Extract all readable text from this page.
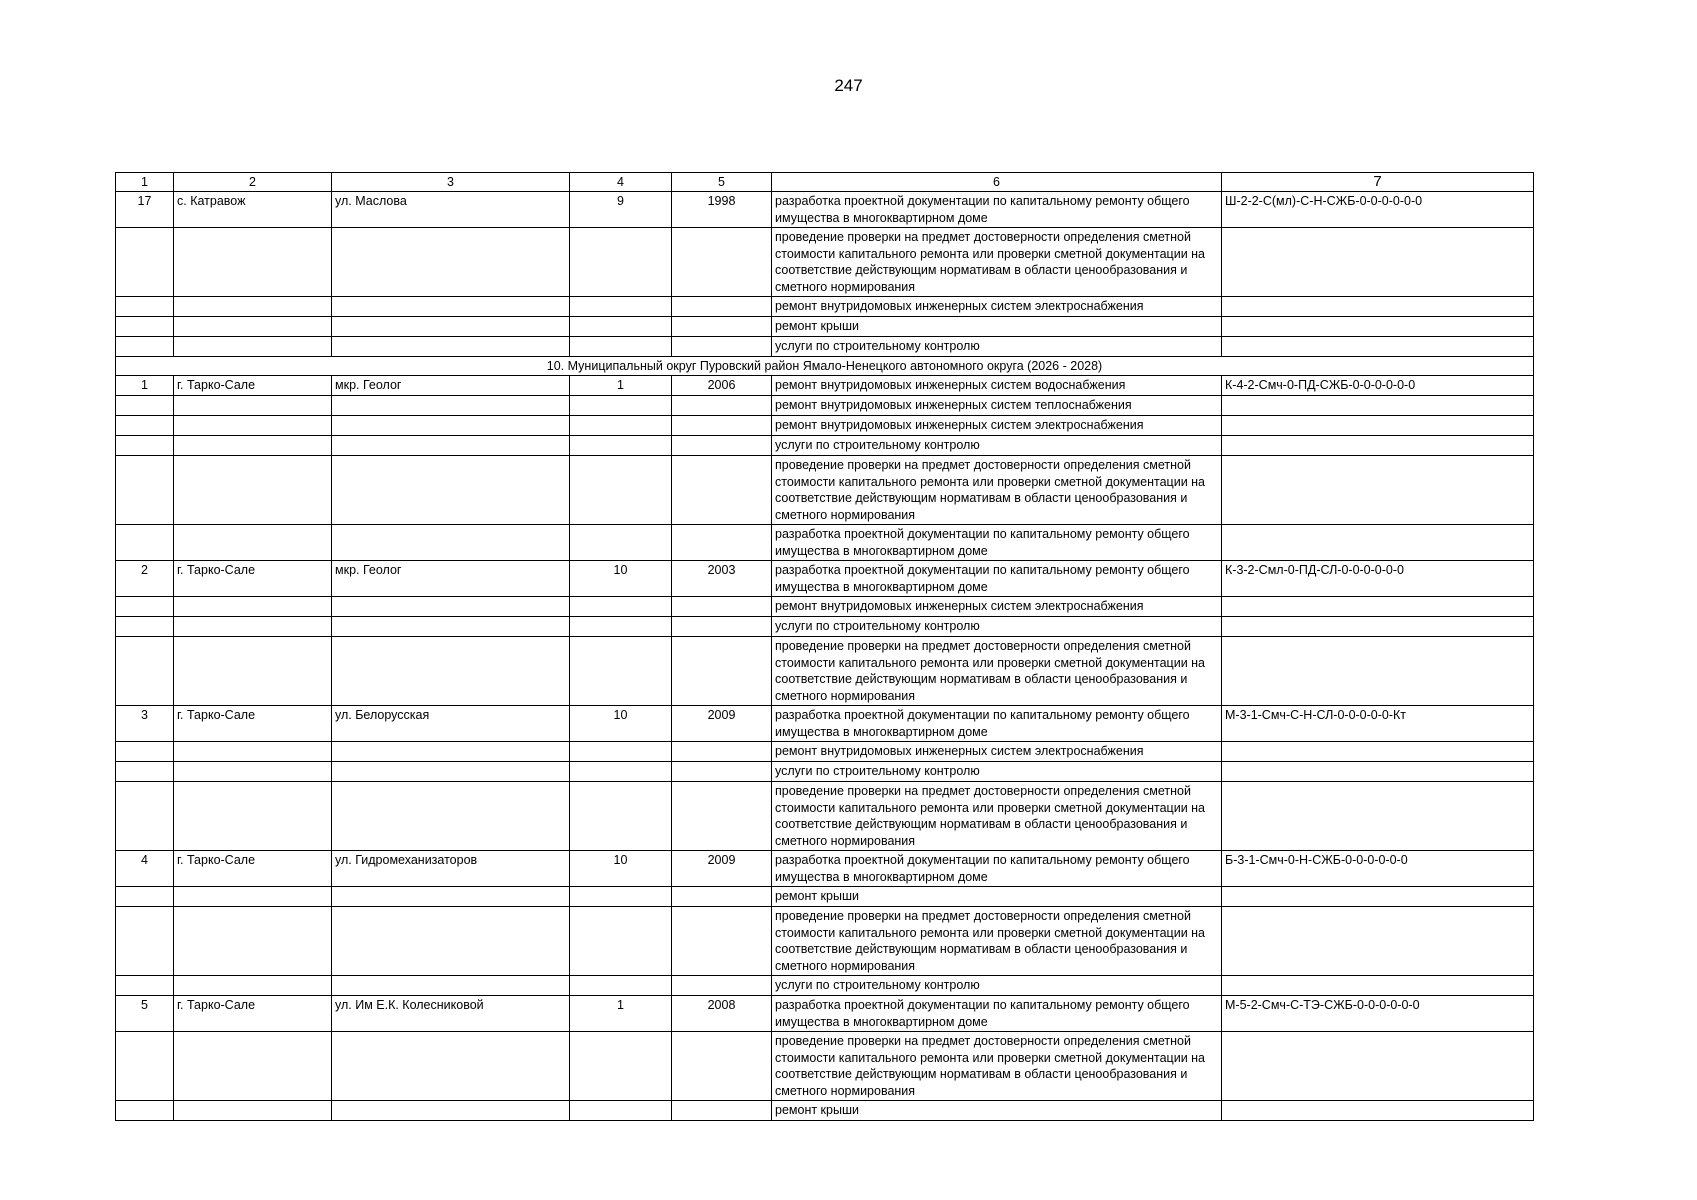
247
1	2	3	4	5	6	7
17	с. Катравож	ул. Маслова	9	1998	разработка проектной документации по капитальному ремонту общего имущества в многоквартирном доме	Ш-2-2-С(мл)-С-Н-СЖБ-0-0-0-0-0-0
					проведение проверки на предмет достоверности определения сметной стоимости капитального ремонта или проверки сметной документации на соответствие действующим нормативам в области ценообразования и сметного нормирования	
					ремонт внутридомовых инженерных систем электроснабжения	
					ремонт крыши	
					услуги по строительному контролю	
10. Муниципальный округ Пуровский район Ямало-Ненецкого автономного округа (2026 - 2028)						
1	г. Тарко-Сале	мкр. Геолог	1	2006	ремонт внутридомовых инженерных систем водоснабжения	К-4-2-Смч-0-ПД-СЖБ-0-0-0-0-0-0
					ремонт внутридомовых инженерных систем теплоснабжения	
					ремонт внутридомовых инженерных систем электроснабжения	
					услуги по строительному контролю	
					проведение проверки на предмет достоверности определения сметной стоимости капитального ремонта или проверки сметной документации на соответствие действующим нормативам в области ценообразования и сметного нормирования	
					разработка проектной документации по капитальному ремонту общего имущества в многоквартирном доме	
2	г. Тарко-Сале	мкр. Геолог	10	2003	разработка проектной документации по капитальному ремонту общего имущества в многоквартирном доме	К-3-2-Смл-0-ПД-СЛ-0-0-0-0-0-0
					ремонт внутридомовых инженерных систем электроснабжения	
					услуги по строительному контролю	
					проведение проверки на предмет достоверности определения сметной стоимости капитального ремонта или проверки сметной документации на соответствие действующим нормативам в области ценообразования и сметного нормирования	
3	г. Тарко-Сале	ул. Белорусская	10	2009	разработка проектной документации по капитальному ремонту общего имущества в многоквартирном доме	М-3-1-Смч-С-Н-СЛ-0-0-0-0-0-Кт
					ремонт внутридомовых инженерных систем электроснабжения	
					услуги по строительному контролю	
					проведение проверки на предмет достоверности определения сметной стоимости капитального ремонта или проверки сметной документации на соответствие действующим нормативам в области ценообразования и сметного нормирования	
4	г. Тарко-Сале	ул. Гидромеханизаторов	10	2009	разработка проектной документации по капитальному ремонту общего имущества в многоквартирном доме	Б-3-1-Смч-0-Н-СЖБ-0-0-0-0-0-0
					ремонт крыши	
					проведение проверки на предмет достоверности определения сметной стоимости капитального ремонта или проверки сметной документации на соответствие действующим нормативам в области ценообразования и сметного нормирования	
					услуги по строительному контролю	
5	г. Тарко-Сале	ул. Им Е.К. Колесниковой	1	2008	разработка проектной документации по капитальному ремонту общего имущества в многоквартирном доме	М-5-2-Смч-С-ТЭ-СЖБ-0-0-0-0-0-0
					проведение проверки на предмет достоверности определения сметной стоимости капитального ремонта или проверки сметной документации на соответствие действующим нормативам в области ценообразования и сметного нормирования	
					ремонт крыши	
